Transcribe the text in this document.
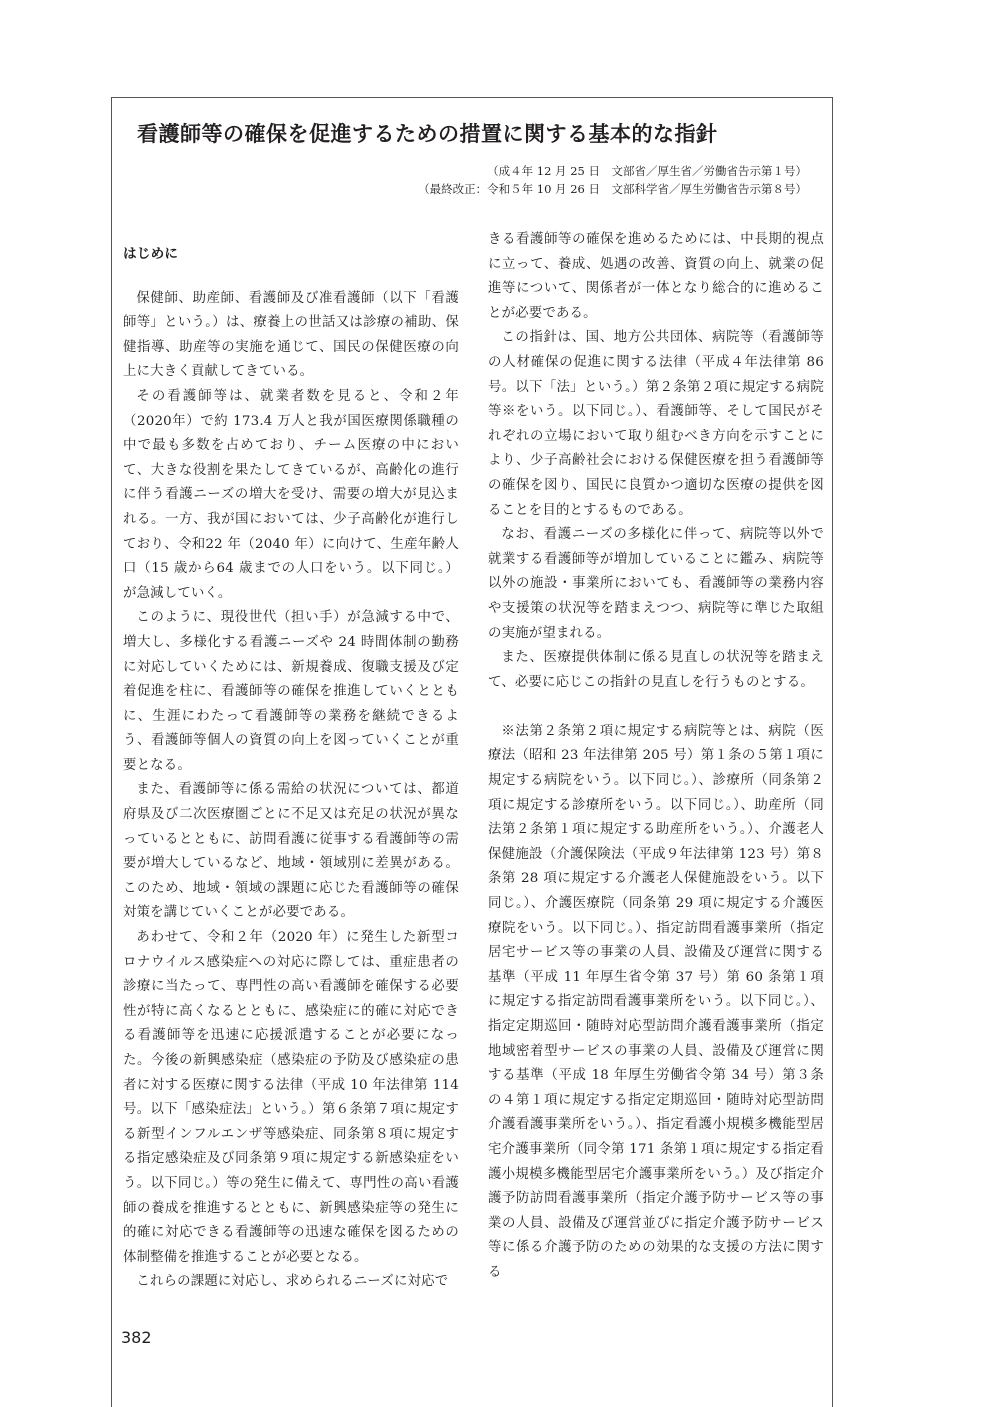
看護師等の確保を促進するための措置に関する基本的な指針
（成４年 12 月 25 日　文部省／厚生省／労働省告示第１号）
（最終改正：令和５年 10 月 26 日　文部科学省／厚生労働省告示第８号）
はじめに

保健師、助産師、看護師及び准看護師（以下「看護師等」という。）は、療養上の世話又は診療の補助、保健指導、助産等の実施を通じて、国民の保健医療の向上に大きく貢献してきている。

その看護師等は、就業者数を見ると、令和２年（2020年）で約 173.4 万人と我が国医療関係職種の中で最も多数を占めており、チーム医療の中において、大きな役割を果たしてきているが、高齢化の進行に伴う看護ニーズの増大を受け、需要の増大が見込まれる。一方、我が国においては、少子高齢化が進行しており、令和22 年（2040 年）に向けて、生産年齢人口（15 歳から64 歳までの人口をいう。以下同じ。）が急減していく。

このように、現役世代（担い手）が急減する中で、増大し、多様化する看護ニーズや 24 時間体制の勤務に対応していくためには、新規養成、復職支援及び定着促進を柱に、看護師等の確保を推進していくとともに、生涯にわたって看護師等の業務を継続できるよう、看護師等個人の資質の向上を図っていくことが重要となる。

また、看護師等に係る需給の状況については、都道府県及び二次医療圏ごとに不足又は充足の状況が異なっているとともに、訪問看護に従事する看護師等の需要が増大しているなど、地域・領域別に差異がある。このため、地域・領域の課題に応じた看護師等の確保対策を講じていくことが必要である。

あわせて、令和２年（2020 年）に発生した新型コロナウイルス感染症への対応に際しては、重症患者の診療に当たって、専門性の高い看護師を確保する必要性が特に高くなるとともに、感染症に的確に対応できる看護師等を迅速に応援派遣することが必要になった。今後の新興感染症（感染症の予防及び感染症の患者に対する医療に関する法律（平成 10 年法律第 114 号。以下「感染症法」という。）第６条第７項に規定する新型インフルエンザ等感染症、同条第８項に規定する指定感染症及び同条第９項に規定する新感染症をいう。以下同じ。）等の発生に備えて、専門性の高い看護師の養成を推進するとともに、新興感染症等の発生に的確に対応できる看護師等の迅速な確保を図るための体制整備を推進することが必要となる。

これらの課題に対応し、求められるニーズに対応で

きる看護師等の確保を進めるためには、中長期的視点に立って、養成、処遇の改善、資質の向上、就業の促進等について、関係者が一体となり総合的に進めることが必要である。

この指針は、国、地方公共団体、病院等（看護師等の人材確保の促進に関する法律（平成４年法律第 86号。以下「法」という。）第２条第２項に規定する病院等※をいう。以下同じ。）、看護師等、そして国民がそれぞれの立場において取り組むべき方向を示すことにより、少子高齢社会における保健医療を担う看護師等の確保を図り、国民に良質かつ適切な医療の提供を図ることを目的とするものである。

なお、看護ニーズの多様化に伴って、病院等以外で就業する看護師等が増加していることに鑑み、病院等以外の施設・事業所においても、看護師等の業務内容や支援策の状況等を踏まえつつ、病院等に準じた取組の実施が望まれる。

また、医療提供体制に係る見直しの状況等を踏まえて、必要に応じこの指針の見直しを行うものとする。

※法第２条第２項に規定する病院等とは、病院（医療法（昭和 23 年法律第 205 号）第１条の５第１項に規定する病院をいう。以下同じ。）、診療所（同条第２項に規定する診療所をいう。以下同じ。）、助産所（同法第２条第１項に規定する助産所をいう。）、介護老人保健施設（介護保険法（平成９年法律第 123 号）第８条第 28 項に規定する介護老人保健施設をいう。以下同じ。）、介護医療院（同条第 29 項に規定する介護医療院をいう。以下同じ。）、指定訪問看護事業所（指定居宅サービス等の事業の人員、設備及び運営に関する基準（平成 11 年厚生省令第 37 号）第 60 条第１項に規定する指定訪問看護事業所をいう。以下同じ。）、指定定期巡回・随時対応型訪問介護看護事業所（指定地域密着型サービスの事業の人員、設備及び運営に関する基準（平成 18 年厚生労働省令第 34 号）第３条の４第１項に規定する指定定期巡回・随時対応型訪問介護看護事業所をいう。）、指定看護小規模多機能型居宅介護事業所（同令第 171 条第１項に規定する指定看護小規模多機能型居宅介護事業所をいう。）及び指定介護予防訪問看護事業所（指定介護予防サービス等の事業の人員、設備及び運営並びに指定介護予防サービス等に係る介護予防のための効果的な支援の方法に関する

382
